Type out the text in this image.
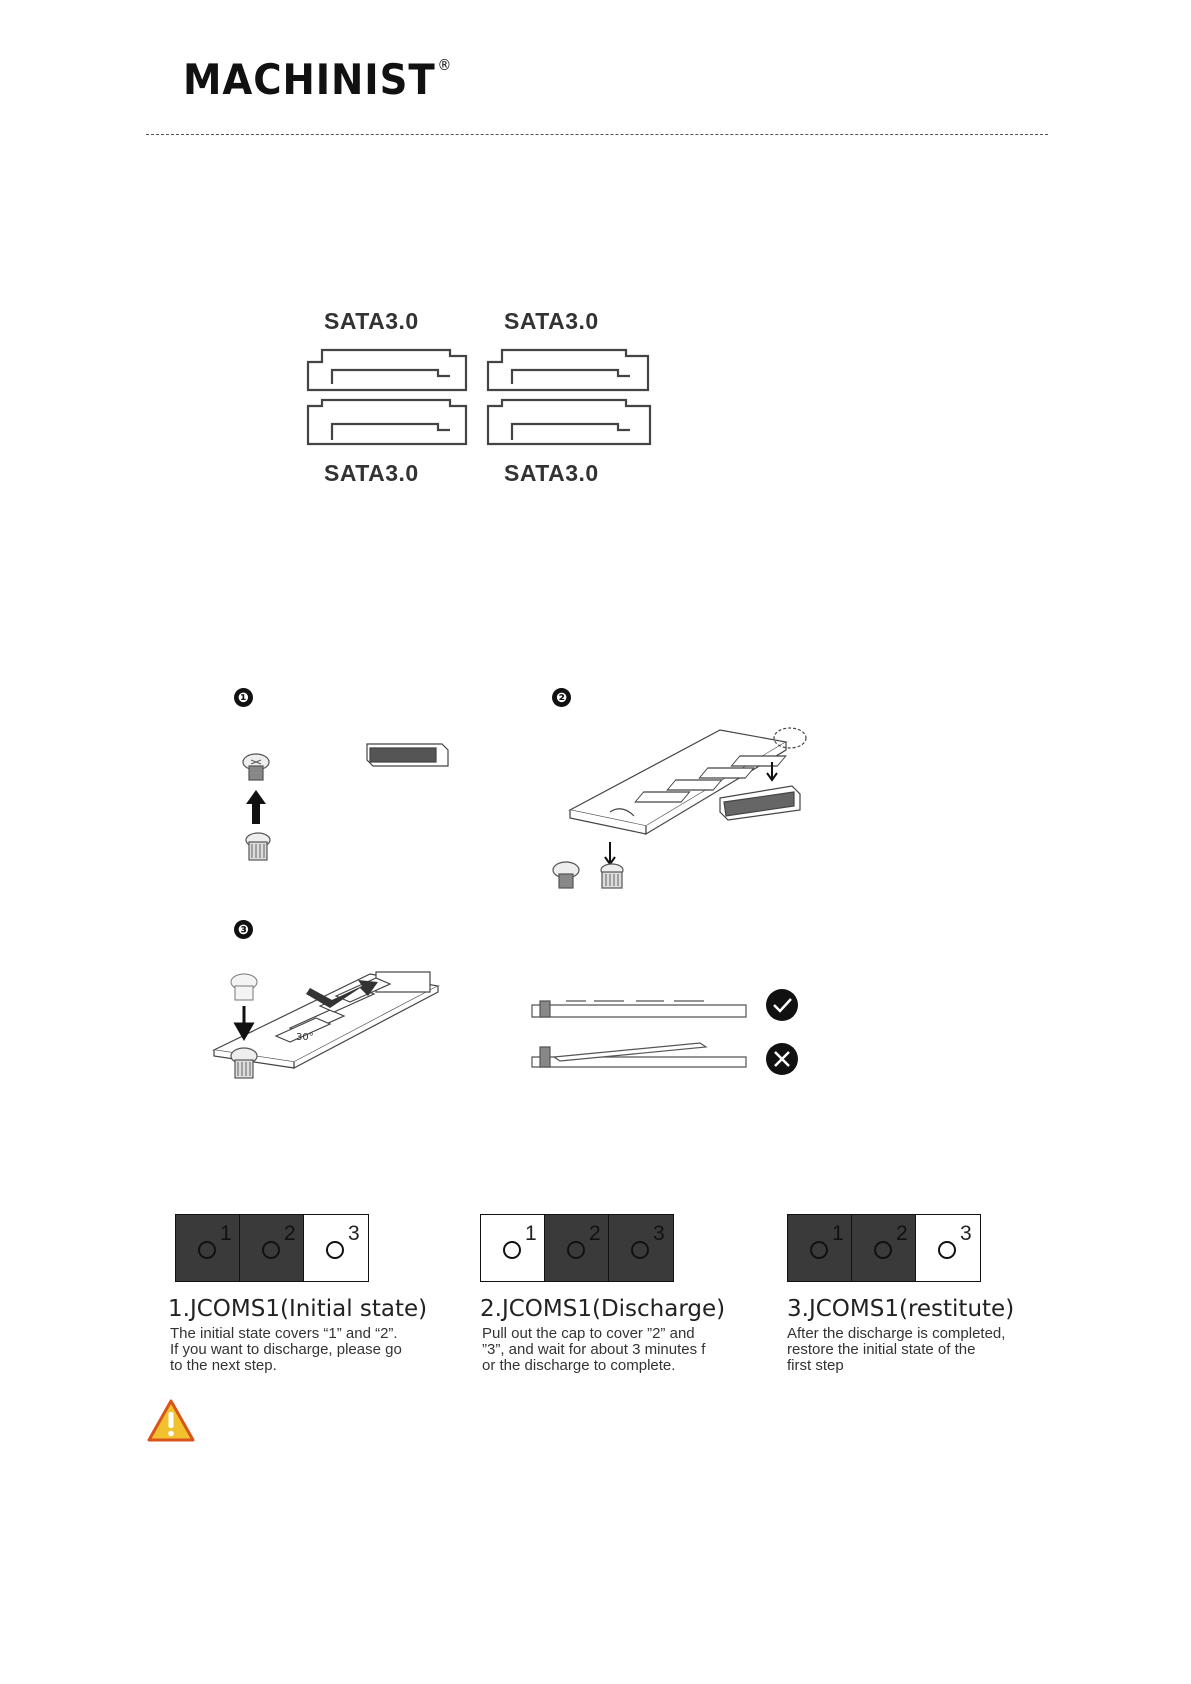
MACHINIST ®
SATA3.0	SATA3.0
SATA3.0	SATA3.0
❶	❷
❸
30°
1 2 3
1.JCOMS1(Initial state)
The initial state covers “1” and “2”.
If you want to discharge, please go
to the next step.
1 2 3
2.JCOMS1(Discharge)
Pull out the cap to cover ”2” and
”3”, and wait for about 3 minutes f
or the discharge to complete.
1 2 3
3.JCOMS1(restitute)
After the discharge is completed,
restore the initial state of the
first step
